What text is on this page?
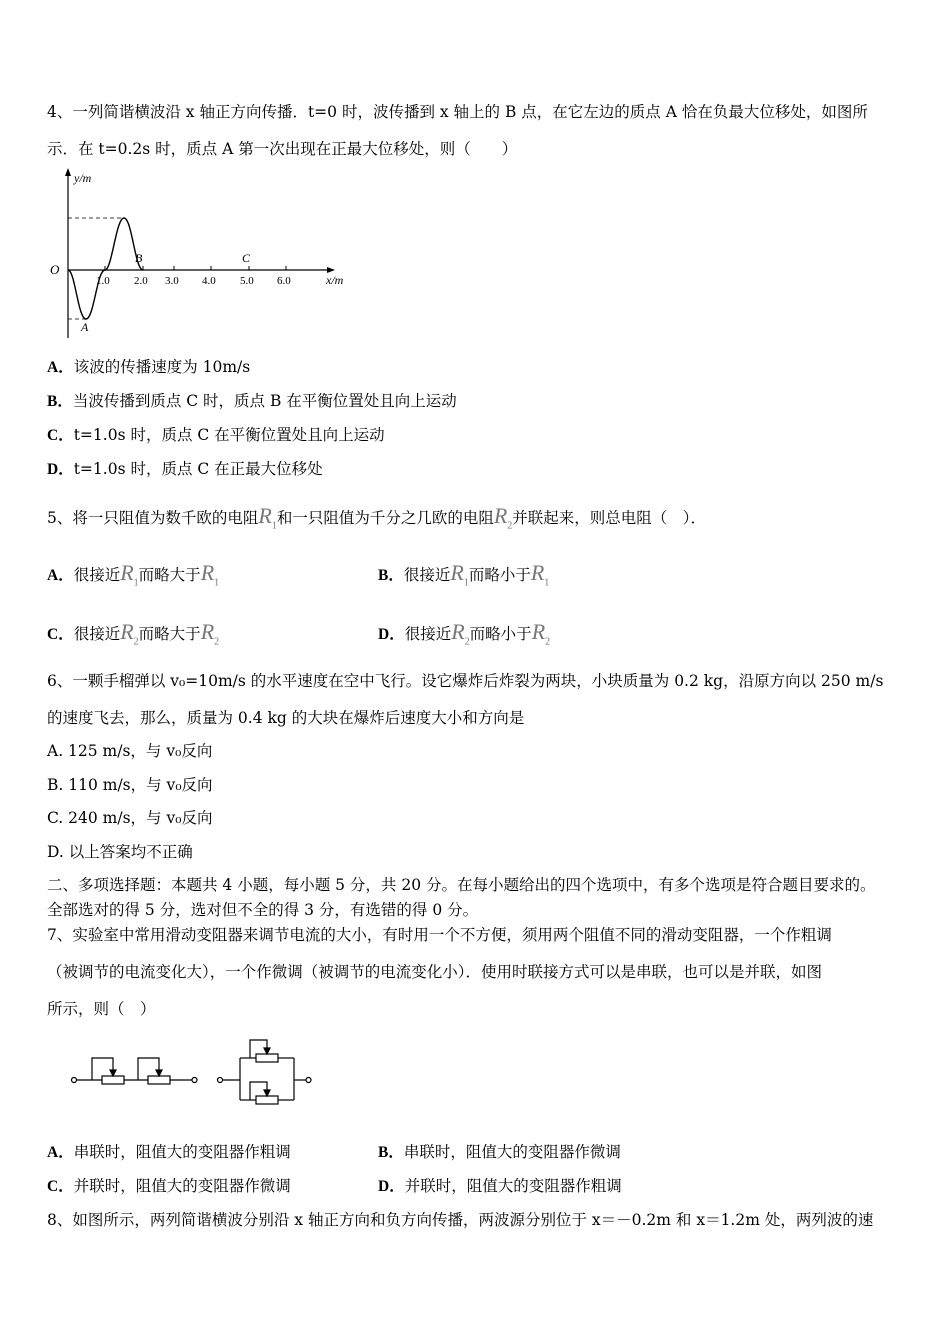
4、一列简谐横波沿 x 轴正方向传播．t=0 时，波传播到 x 轴上的 B 点，在它左边的质点 A 恰在负最大位移处，如图所
示．在 t=0.2s 时，质点 A 第一次出现在正最大位移处，则（　　）
y/m
x/m
O
1.0 2.0 3.0 4.0 5.0 6.0
A
B	C
A．该波的传播速度为 10m/s
B．当波传播到质点 C 时，质点 B 在平衡位置处且向上运动
C．t=1.0s 时，质点 C 在平衡位置处且向上运动
D．t=1.0s 时，质点 C 在正最大位移处
5、将一只阻值为数千欧的电阻$R_1$和一只阻值为千分之几欧的电阻$R_2$并联起来，则总电阻（　）．
A．很接近$R_1$而略大于$R_1$	B．很接近$R_1$而略小于$R_1$
C．很接近$R_2$而略大于$R_2$	D．很接近$R_2$而略小于$R_2$
6、一颗手榴弹以 v₀=10m/s 的水平速度在空中飞行。设它爆炸后炸裂为两块，小块质量为 0.2 kg，沿原方向以 250 m/s
的速度飞去，那么，质量为 0.4 kg 的大块在爆炸后速度大小和方向是
A. 125 m/s，与 v₀反向
B. 110 m/s，与 v₀反向
C. 240 m/s，与 v₀反向
D. 以上答案均不正确
二、多项选择题：本题共 4 小题，每小题 5 分，共 20 分。在每小题给出的四个选项中，有多个选项是符合题目要求的。
全部选对的得 5 分，选对但不全的得 3 分，有选错的得 0 分。
7、实验室中常用滑动变阻器来调节电流的大小，有时用一个不方便，须用两个阻值不同的滑动变阻器，一个作粗调
（被调节的电流变化大），一个作微调（被调节的电流变化小）．使用时联接方式可以是串联，也可以是并联，如图
所示，则（　）
A．串联时，阻值大的变阻器作粗调	B．串联时，阻值大的变阻器作微调
C．并联时，阻值大的变阻器作微调	D．并联时，阻值大的变阻器作粗调
8、如图所示，两列简谐横波分别沿 x 轴正方向和负方向传播，两波源分别位于 x＝－0.2m 和 x＝1.2m 处，两列波的速
